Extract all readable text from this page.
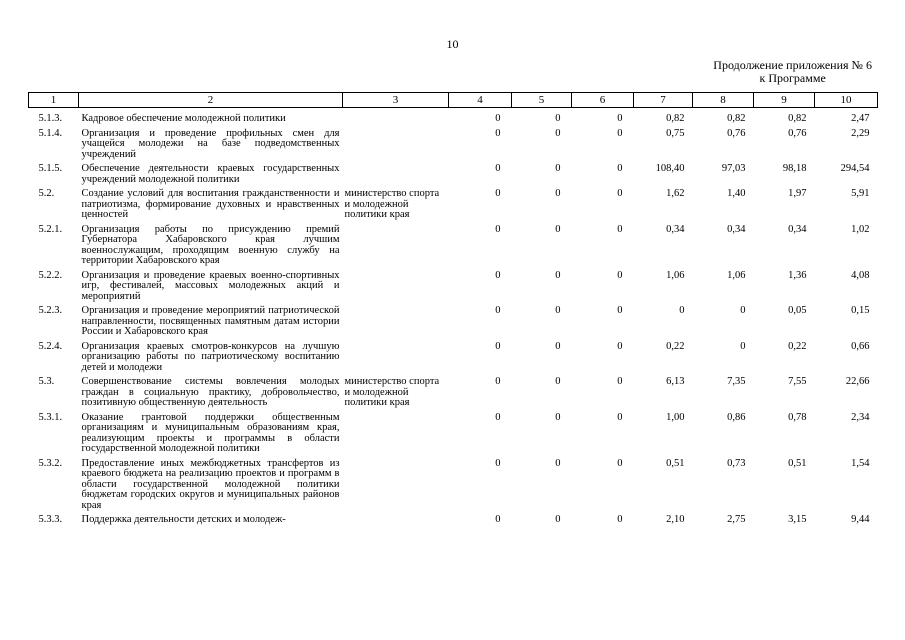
10
Продолжение приложения № 6
к Программе
1	2	3	4	5	6	7	8	9	10
5.1.3.	Кадровое обеспечение молодежной политики		0	0	0	0,82	0,82	0,82	2,47
5.1.4.	Организация и проведение профильных смен для учащейся молодежи на базе подведомственных учреждений		0	0	0	0,75	0,76	0,76	2,29
5.1.5.	Обеспечение деятельности краевых государственных учреждений молодежной политики		0	0	0	108,40	97,03	98,18	294,54
5.2.	Создание условий для воспитания гражданственности и патриотизма, формирование духовных и нравственных ценностей	министерство спорта и молодежной политики края	0	0	0	1,62	1,40	1,97	5,91
5.2.1.	Организация работы по присуждению премий Губернатора Хабаровского края лучшим военнослужащим, проходящим военную службу на территории Хабаровского края		0	0	0	0,34	0,34	0,34	1,02
5.2.2.	Организация и проведение краевых военно-спортивных игр, фестивалей, массовых молодежных акций и мероприятий		0	0	0	1,06	1,06	1,36	4,08
5.2.3.	Организация и проведение мероприятий патриотической направленности, посвященных памятным датам истории России и Хабаровского края		0	0	0	0	0	0,05	0,15
5.2.4.	Организация краевых смотров-конкурсов на лучшую организацию работы по патриотическому воспитанию детей и молодежи		0	0	0	0,22	0	0,22	0,66
5.3.	Совершенствование системы вовлечения молодых граждан в социальную практику, добровольчество, позитивную общественную деятельность	министерство спорта и молодежной политики края	0	0	0	6,13	7,35	7,55	22,66
5.3.1.	Оказание грантовой поддержки общественным организациям и муниципальным образованиям края, реализующим проекты и программы в области государственной молодежной политики		0	0	0	1,00	0,86	0,78	2,34
5.3.2.	Предоставление иных межбюджетных трансфертов из краевого бюджета на реализацию проектов и программ в области государственной молодежной политики бюджетам городских округов и муниципальных районов края		0	0	0	0,51	0,73	0,51	1,54
5.3.3.	Поддержка деятельности детских и молодеж-		0	0	0	2,10	2,75	3,15	9,44
